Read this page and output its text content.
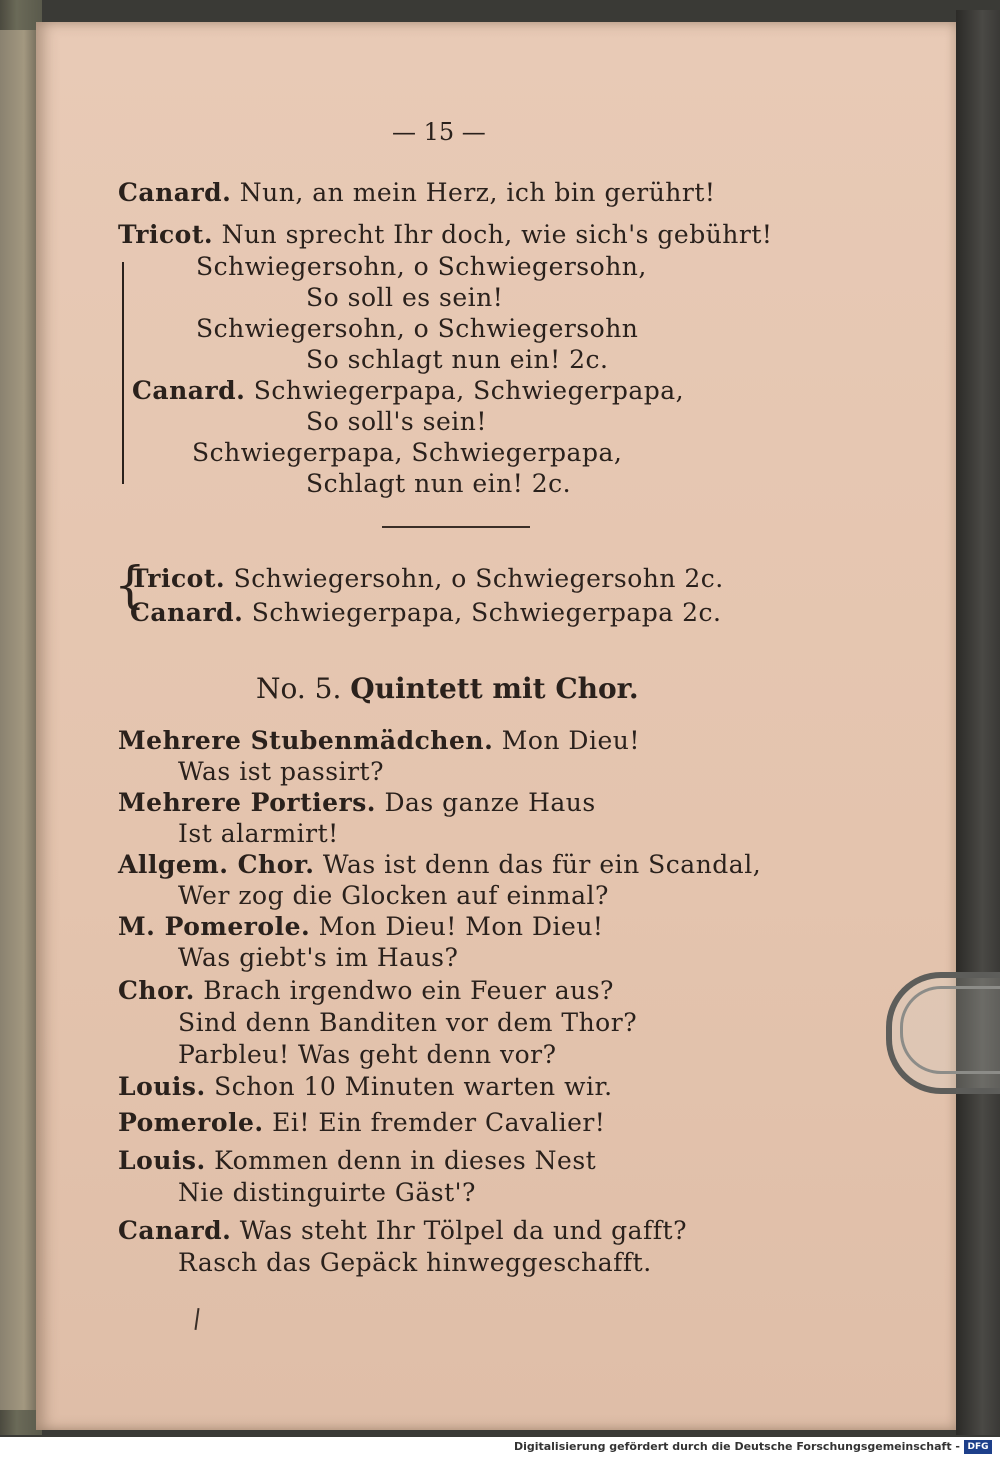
— 15 —
Canard. Nun, an mein Herz, ich bin gerührt!
Tricot. Nun sprecht Ihr doch, wie sich's gebührt!
Schwiegersohn, o Schwiegersohn,
So soll es sein!
Schwiegersohn, o Schwiegersohn
So schlagt nun ein! 2c.
Canard. Schwiegerpapa, Schwiegerpapa,
So soll's sein!
Schwiegerpapa, Schwiegerpapa,
Schlagt nun ein! 2c.
{
Tricot. Schwiegersohn, o Schwiegersohn 2c.
Canard. Schwiegerpapa, Schwiegerpapa 2c.
No. 5. Quintett mit Chor.
Mehrere Stubenmädchen. Mon Dieu!
Was ist passirt?
Mehrere Portiers. Das ganze Haus
Ist alarmirt!
Allgem. Chor. Was ist denn das für ein Scandal,
Wer zog die Glocken auf einmal?
M. Pomerole. Mon Dieu! Mon Dieu!
Was giebt's im Haus?
Chor. Brach irgendwo ein Feuer aus?
Sind denn Banditen vor dem Thor?
Parbleu! Was geht denn vor?
Louis. Schon 10 Minuten warten wir.
Pomerole. Ei! Ein fremder Cavalier!
Louis. Kommen denn in dieses Nest
Nie distinguirte Gäst'?
Canard. Was steht Ihr Tölpel da und gafft?
Rasch das Gepäck hinweggeschafft.
Digitalisierung gefördert durch die Deutsche Forschungsgemeinschaft - DFG
